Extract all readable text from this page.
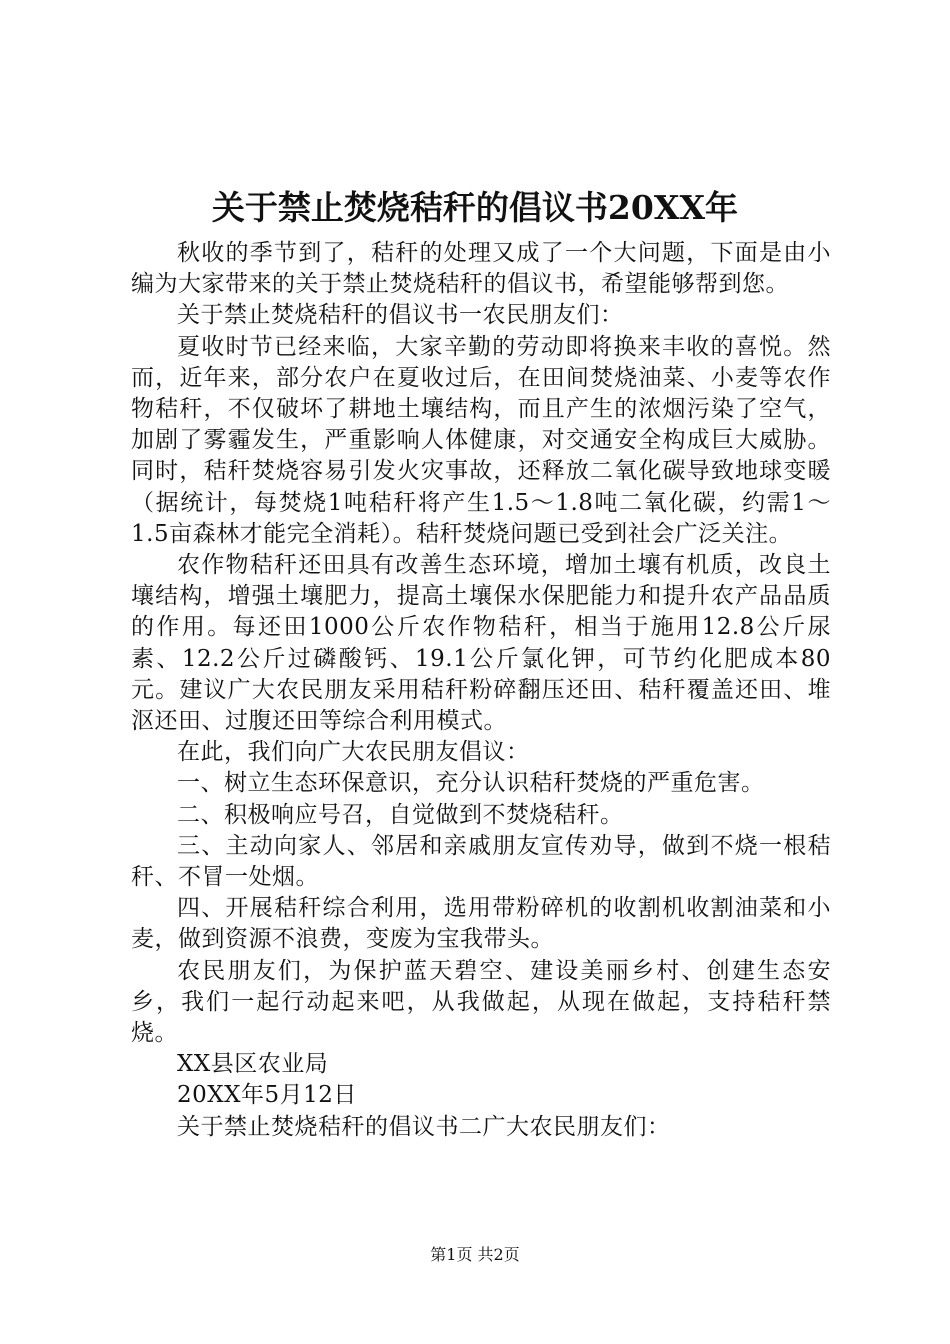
关于禁止焚烧秸秆的倡议书20XX年

秋收的季节到了，秸秆的处理又成了一个大问题，下面是由小编为大家带来的关于禁止焚烧秸秆的倡议书，希望能够帮到您。

关于禁止焚烧秸秆的倡议书一农民朋友们：

夏收时节已经来临，大家辛勤的劳动即将换来丰收的喜悦。然而，近年来，部分农户在夏收过后，在田间焚烧油菜、小麦等农作物秸秆，不仅破坏了耕地土壤结构，而且产生的浓烟污染了空气，加剧了雾霾发生，严重影响人体健康，对交通安全构成巨大威胁。同时，秸秆焚烧容易引发火灾事故，还释放二氧化碳导致地球变暖（据统计，每焚烧1吨秸秆将产生1.5～1.8吨二氧化碳，约需1～1.5亩森林才能完全消耗）。秸秆焚烧问题已受到社会广泛关注。

农作物秸秆还田具有改善生态环境，增加土壤有机质，改良土壤结构，增强土壤肥力，提高土壤保水保肥能力和提升农产品品质的作用。每还田1000公斤农作物秸秆，相当于施用12.8公斤尿素、12.2公斤过磷酸钙、19.1公斤氯化钾，可节约化肥成本80元。建议广大农民朋友采用秸秆粉碎翻压还田、秸秆覆盖还田、堆沤还田、过腹还田等综合利用模式。

在此，我们向广大农民朋友倡议：

一、树立生态环保意识，充分认识秸秆焚烧的严重危害。

二、积极响应号召，自觉做到不焚烧秸秆。

三、主动向家人、邻居和亲戚朋友宣传劝导，做到不烧一根秸秆、不冒一处烟。

四、开展秸秆综合利用，选用带粉碎机的收割机收割油菜和小麦，做到资源不浪费，变废为宝我带头。

农民朋友们，为保护蓝天碧空、建设美丽乡村、创建生态安乡，我们一起行动起来吧，从我做起，从现在做起，支持秸秆禁烧。

XX县区农业局

20XX年5月12日

关于禁止焚烧秸秆的倡议书二广大农民朋友们：

第1页 共2页
